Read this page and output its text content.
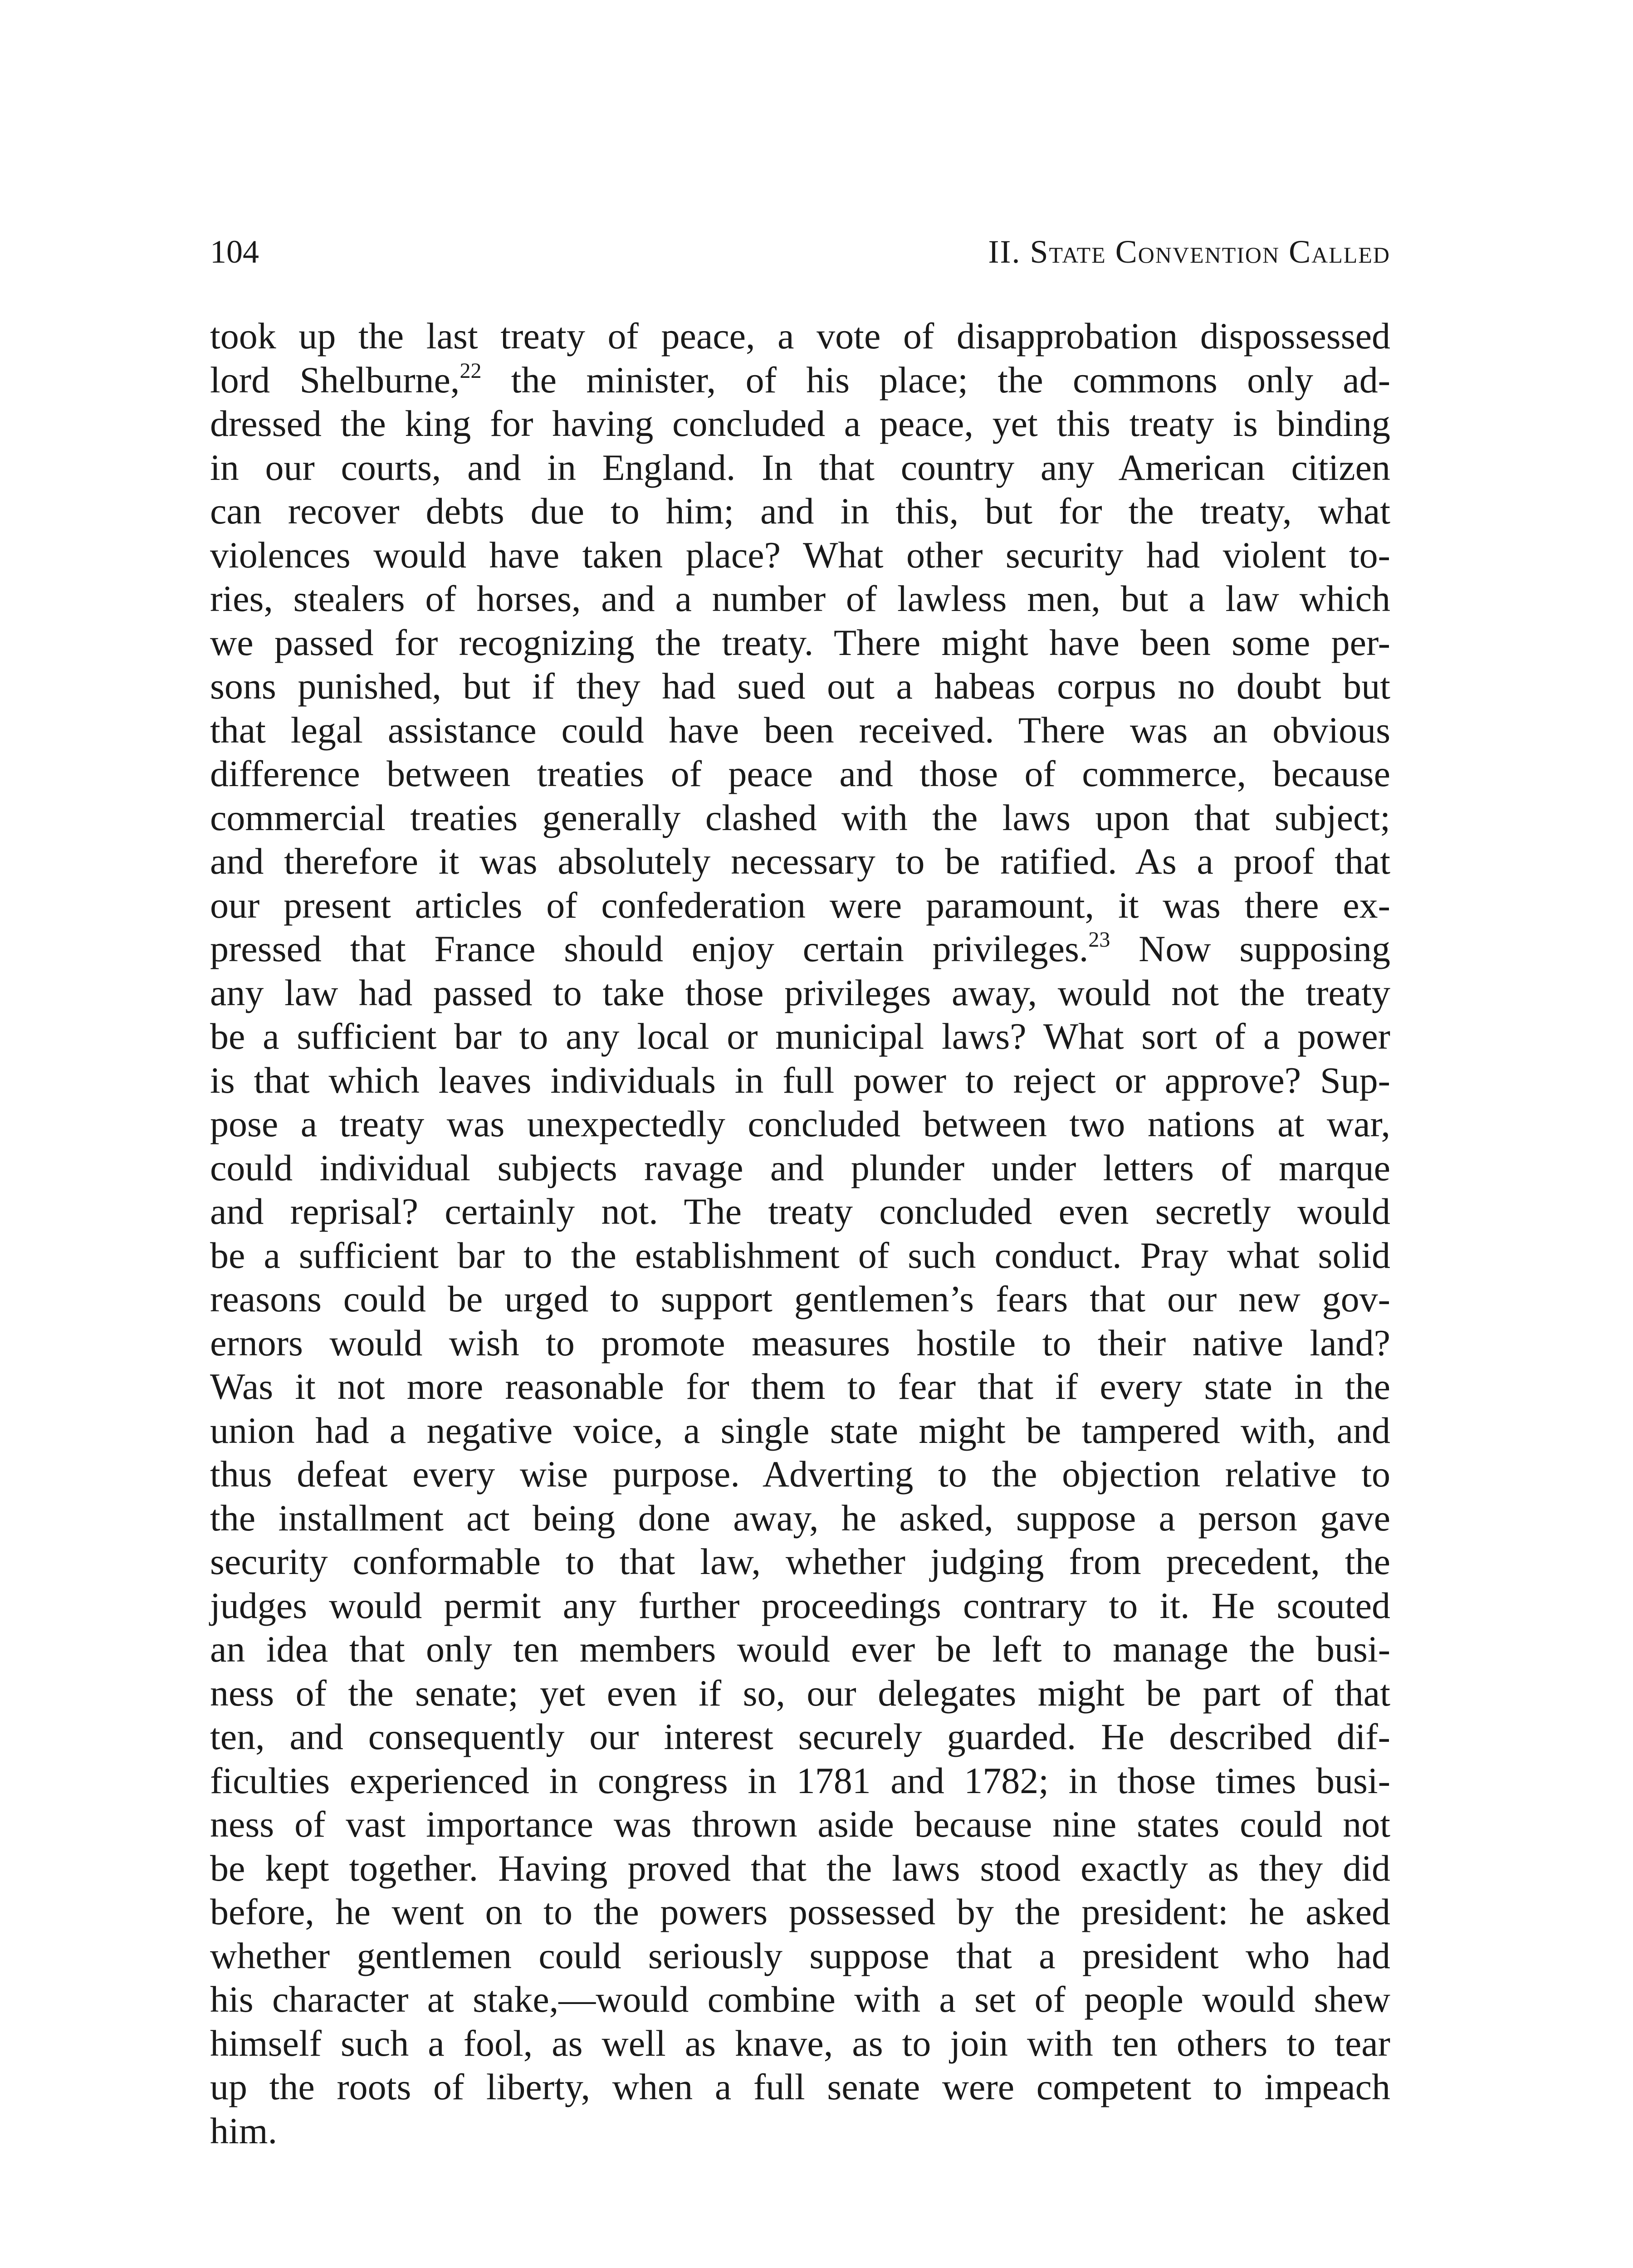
104	II. State Convention Called
took up the last treaty of peace, a vote of disapprobation dispossessed
lord Shelburne,$^{22}$ the minister, of his place; the commons only ad-
dressed the king for having concluded a peace, yet this treaty is binding
in our courts, and in England. In that country any American citizen
can recover debts due to him; and in this, but for the treaty, what
violences would have taken place? What other security had violent to-
ries, stealers of horses, and a number of lawless men, but a law which
we passed for recognizing the treaty. There might have been some per-
sons punished, but if they had sued out a habeas corpus no doubt but
that legal assistance could have been received. There was an obvious
difference between treaties of peace and those of commerce, because
commercial treaties generally clashed with the laws upon that subject;
and therefore it was absolutely necessary to be ratified. As a proof that
our present articles of confederation were paramount, it was there ex-
pressed that France should enjoy certain privileges.$^{23}$ Now supposing
any law had passed to take those privileges away, would not the treaty
be a sufficient bar to any local or municipal laws? What sort of a power
is that which leaves individuals in full power to reject or approve? Sup-
pose a treaty was unexpectedly concluded between two nations at war,
could individual subjects ravage and plunder under letters of marque
and reprisal? certainly not. The treaty concluded even secretly would
be a sufficient bar to the establishment of such conduct. Pray what solid
reasons could be urged to support gentlemen’s fears that our new gov-
ernors would wish to promote measures hostile to their native land?
Was it not more reasonable for them to fear that if every state in the
union had a negative voice, a single state might be tampered with, and
thus defeat every wise purpose. Adverting to the objection relative to
the installment act being done away, he asked, suppose a person gave
security conformable to that law, whether judging from precedent, the
judges would permit any further proceedings contrary to it. He scouted
an idea that only ten members would ever be left to manage the busi-
ness of the senate; yet even if so, our delegates might be part of that
ten, and consequently our interest securely guarded. He described dif-
ficulties experienced in congress in 1781 and 1782; in those times busi-
ness of vast importance was thrown aside because nine states could not
be kept together. Having proved that the laws stood exactly as they did
before, he went on to the powers possessed by the president: he asked
whether gentlemen could seriously suppose that a president who had
his character at stake,—would combine with a set of people would shew
himself such a fool, as well as knave, as to join with ten others to tear
up the roots of liberty, when a full senate were competent to impeach
him.
